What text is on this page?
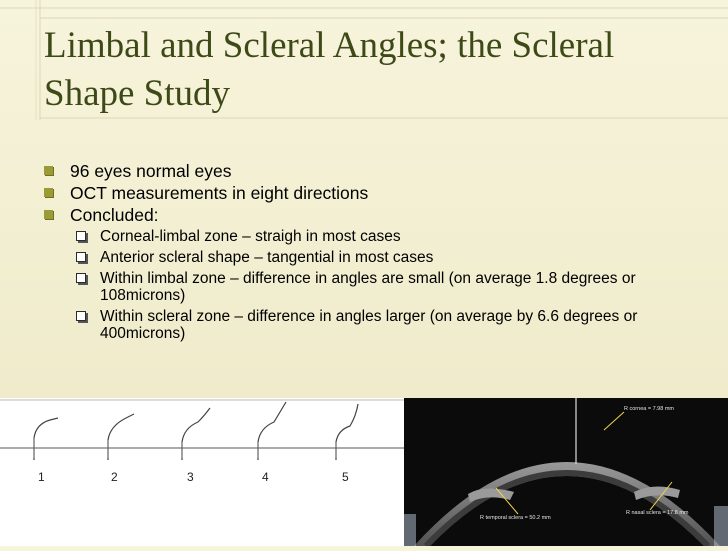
Limbal and Scleral Angles; the Scleral Shape Study
96 eyes normal eyes
OCT measurements in eight directions
Concluded:
Corneal-limbal zone – straigh in most cases
Anterior scleral shape – tangential in most cases
Within limbal zone – difference in angles are small (on average 1.8 degrees or 108microns)
Within scleral zone – difference in angles larger (on average by 6.6 degrees or 400microns)
1	2	3	4	5
R cornea = 7.98 mm
R temporal sclera = 50.2 mm
R nasal sclera = 17.8 mm
